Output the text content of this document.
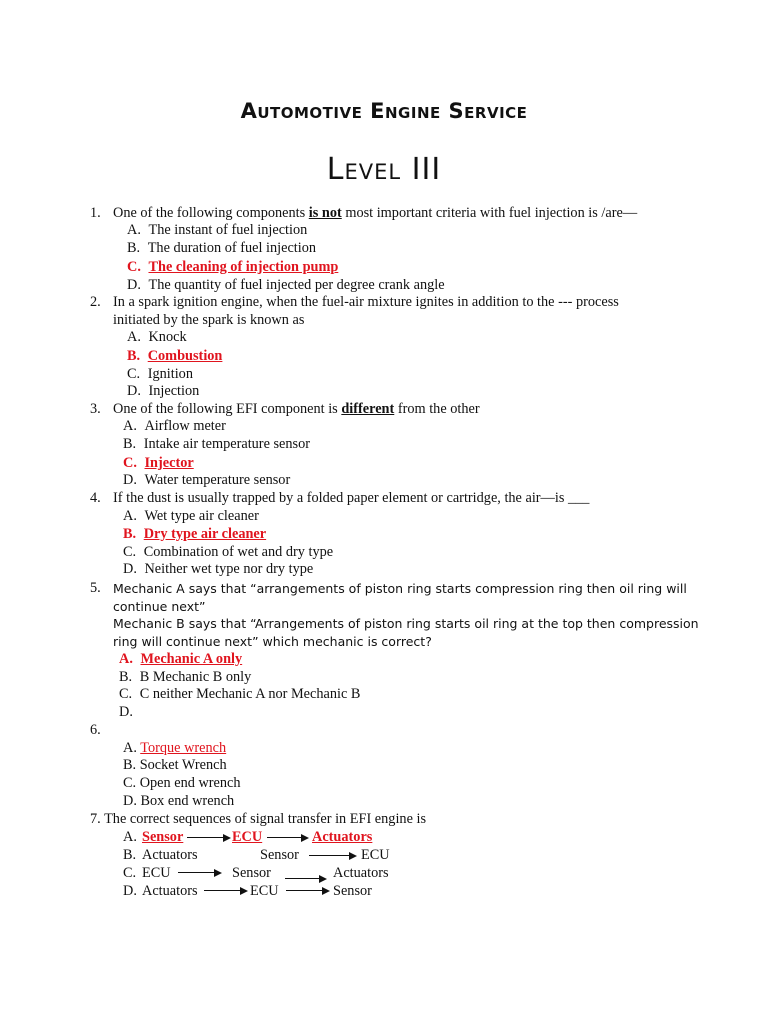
Automotive Engine Service
Level III
1. One of the following components is not most important criteria with fuel injection is /are—
A. The instant of fuel injection
B. The duration of fuel injection
C. The cleaning of injection pump
D. The quantity of fuel injected per degree crank angle
2. In a spark ignition engine, when the fuel-air mixture ignites in addition to the --- process
initiated by the spark is known as
A. Knock
B. Combustion
C. Ignition
D. Injection
3. One of the following EFI component is different from the other
A. Airflow meter
B. Intake air temperature sensor
C. Injector
D. Water temperature sensor
4. If the dust is usually trapped by a folded paper element or cartridge, the air—is ___
A. Wet type air cleaner
B. Dry type air cleaner
C. Combination of wet and dry type
D. Neither wet type nor dry type
5. Mechanic A says that “arrangements of piston ring starts compression ring then oil ring will
continue next”
Mechanic B says that “Arrangements of piston ring starts oil ring at the top then compression
ring will continue next” which mechanic is correct?
A. Mechanic A only
B. B Mechanic B only
C. C neither Mechanic A nor Mechanic B
D.
6.
A. Torque wrench
B. Socket Wrench
C. Open end wrench
D. Box end wrench
7. The correct sequences of signal transfer in EFI engine is
A. Sensor	ECU	Actuators
B. Actuators	Sensor	ECU
C. ECU	Sensor	Actuators
D. Actuators	ECU	Sensor
